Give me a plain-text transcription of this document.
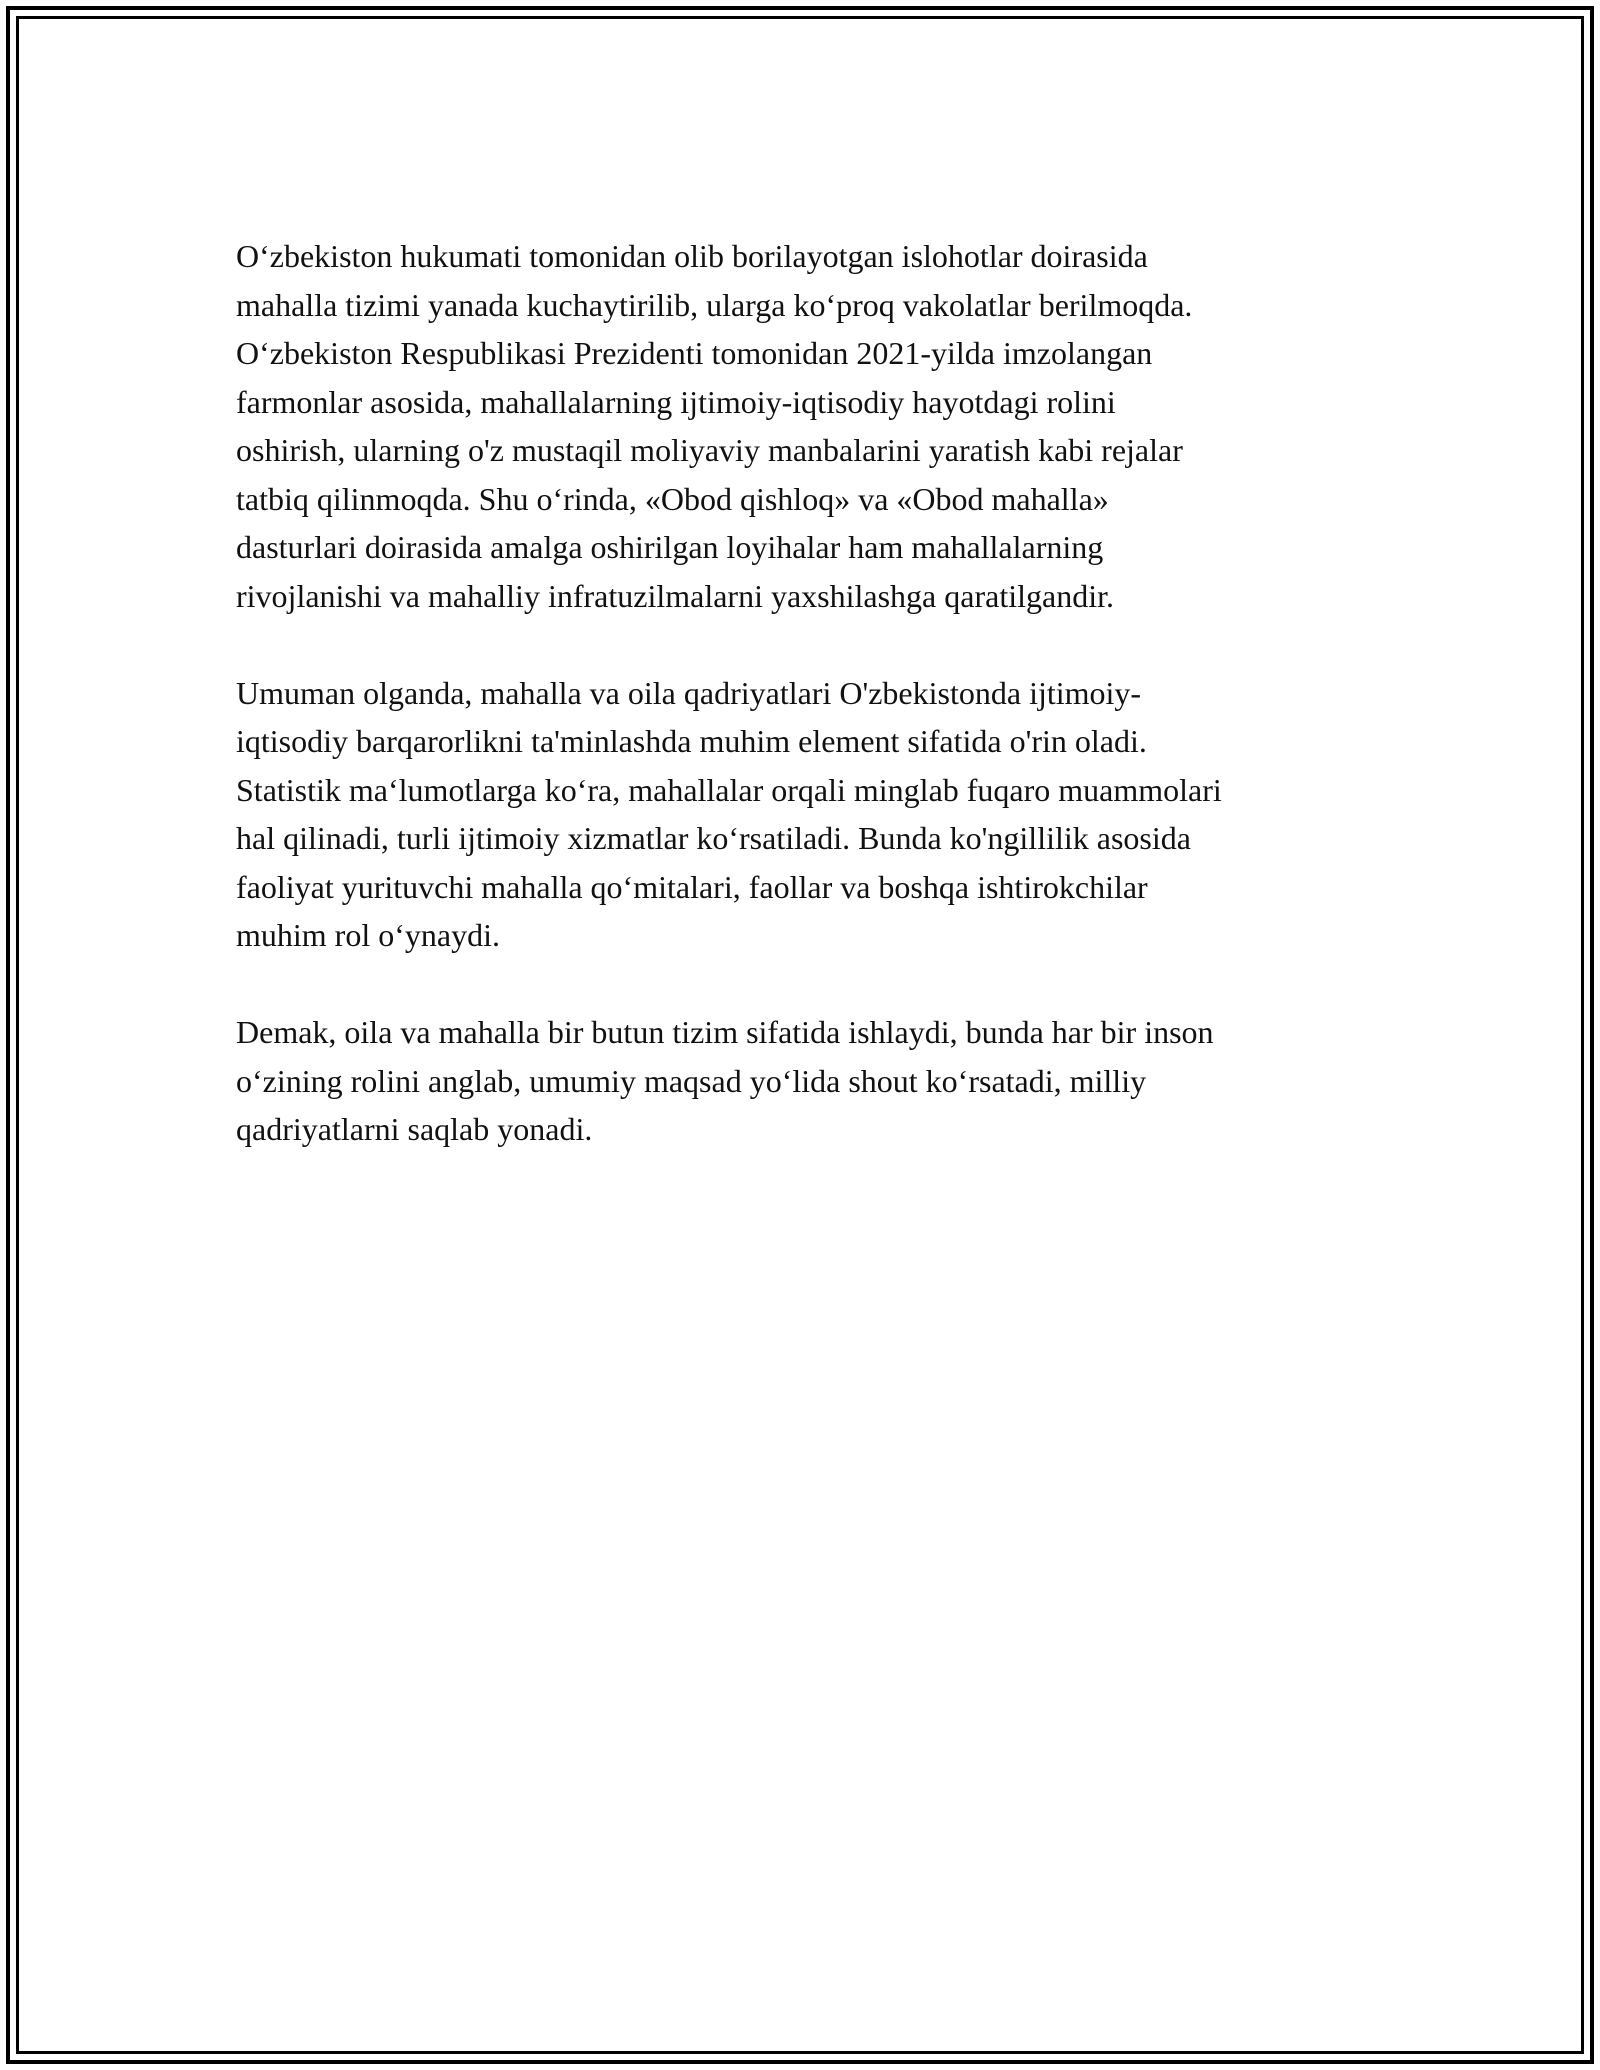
O‘zbekiston hukumati tomonidan olib borilayotgan islohotlar doirasida
mahalla tizimi yanada kuchaytirilib, ularga ko‘proq vakolatlar berilmoqda.
O‘zbekiston Respublikasi Prezidenti tomonidan 2021-yilda imzolangan
farmonlar asosida, mahallalarning ijtimoiy-iqtisodiy hayotdagi rolini
oshirish, ularning o'z mustaqil moliyaviy manbalarini yaratish kabi rejalar
tatbiq qilinmoqda. Shu o‘rinda, «Obod qishloq» va «Obod mahalla»
dasturlari doirasida amalga oshirilgan loyihalar ham mahallalarning
rivojlanishi va mahalliy infratuzilmalarni yaxshilashga qaratilgandir.

Umuman olganda, mahalla va oila qadriyatlari O'zbekistonda ijtimoiy-
iqtisodiy barqarorlikni ta'minlashda muhim element sifatida o'rin oladi.
Statistik ma‘lumotlarga ko‘ra, mahallalar orqali minglab fuqaro muammolari
hal qilinadi, turli ijtimoiy xizmatlar ko‘rsatiladi. Bunda ko'ngillilik asosida
faoliyat yurituvchi mahalla qo‘mitalari, faollar va boshqa ishtirokchilar
muhim rol o‘ynaydi.

Demak, oila va mahalla bir butun tizim sifatida ishlaydi, bunda har bir inson
o‘zining rolini anglab, umumiy maqsad yo‘lida shout ko‘rsatadi, milliy
qadriyatlarni saqlab yonadi.
